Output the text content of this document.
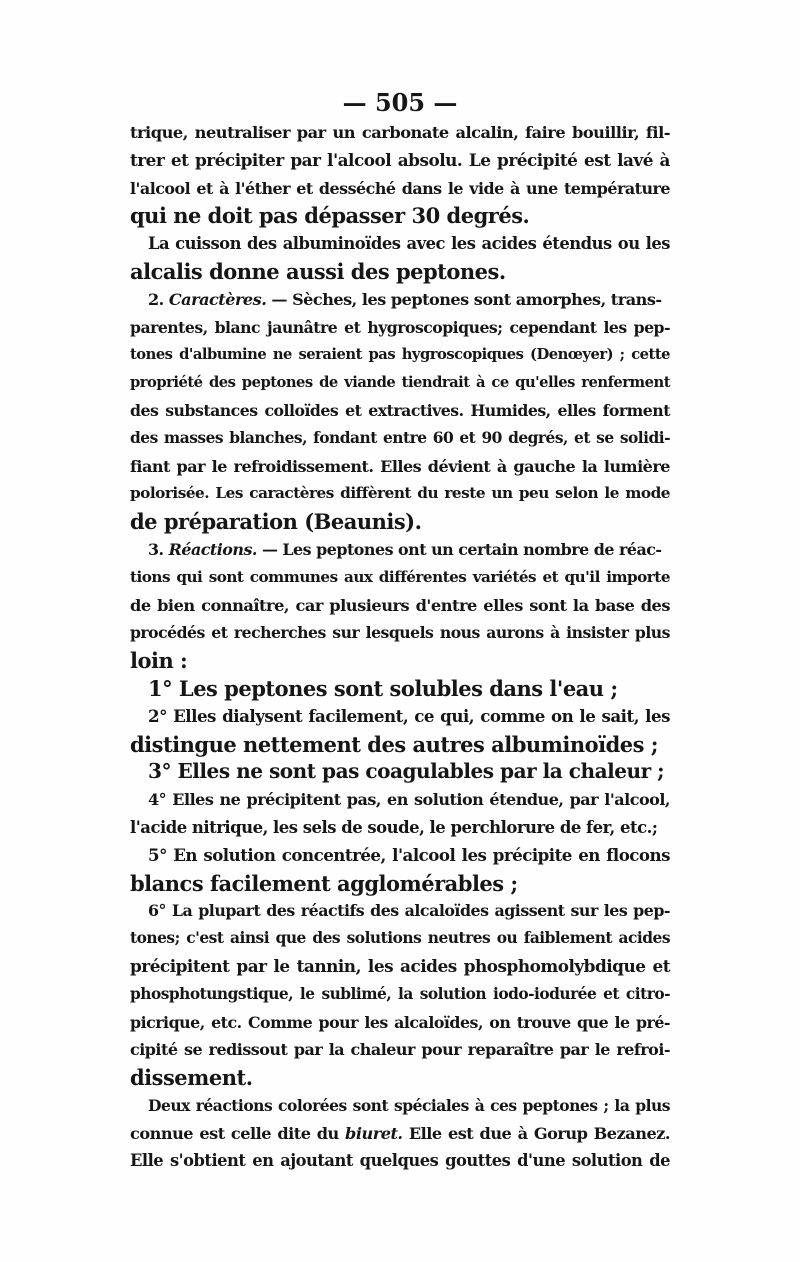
— 505 —
trique, neutraliser par un carbonate alcalin, faire bouillir, fil-
trer et précipiter par l'alcool absolu. Le précipité est lavé à
l'alcool et à l'éther et desséché dans le vide à une température
qui ne doit pas dépasser 30 degrés.
La cuisson des albuminoïdes avec les acides étendus ou les
alcalis donne aussi des peptones.
2. Caractères. — Sèches, les peptones sont amorphes, trans-
parentes, blanc jaunâtre et hygroscopiques; cependant les pep-
tones d'albumine ne seraient pas hygroscopiques (Denœyer) ; cette
propriété des peptones de viande tiendrait à ce qu'elles renferment
des substances colloïdes et extractives. Humides, elles forment
des masses blanches, fondant entre 60 et 90 degrés, et se solidi-
fiant par le refroidissement. Elles dévient à gauche la lumière
polorisée. Les caractères diffèrent du reste un peu selon le mode
de préparation (Beaunis).
3. Réactions. — Les peptones ont un certain nombre de réac-
tions qui sont communes aux différentes variétés et qu'il importe
de bien connaître, car plusieurs d'entre elles sont la base des
procédés et recherches sur lesquels nous aurons à insister plus
loin :
1° Les peptones sont solubles dans l'eau ;
2° Elles dialysent facilement, ce qui, comme on le sait, les
distingue nettement des autres albuminoïdes ;
3° Elles ne sont pas coagulables par la chaleur ;
4° Elles ne précipitent pas, en solution étendue, par l'alcool,
l'acide nitrique, les sels de soude, le perchlorure de fer, etc.;
5° En solution concentrée, l'alcool les précipite en flocons
blancs facilement agglomérables ;
6° La plupart des réactifs des alcaloïdes agissent sur les pep-
tones; c'est ainsi que des solutions neutres ou faiblement acides
précipitent par le tannin, les acides phosphomolybdique et
phosphotungstique, le sublimé, la solution iodo-iodurée et citro-
picrique, etc. Comme pour les alcaloïdes, on trouve que le pré-
cipité se redissout par la chaleur pour reparaître par le refroi-
dissement.
Deux réactions colorées sont spéciales à ces peptones ; la plus
connue est celle dite du biuret. Elle est due à Gorup Bezanez.
Elle s'obtient en ajoutant quelques gouttes d'une solution de
